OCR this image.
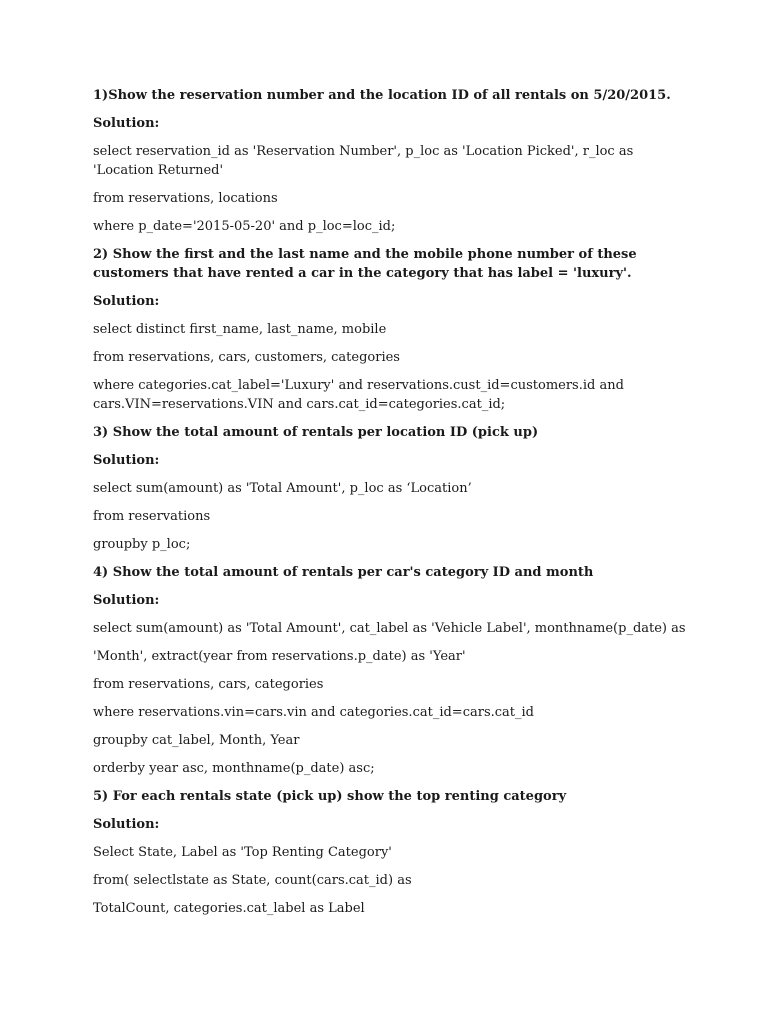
1)Show the reservation number and the location ID of all rentals on 5/20/2015.

Solution:

select reservation_id as 'Reservation Number', p_loc as 'Location Picked', r_loc as 'Location Returned'

from reservations, locations

where p_date='2015-05-20' and p_loc=loc_id;

2) Show the first and the last name and the mobile phone number of these customers that have rented a car in the category that has label = 'luxury'.

Solution:

select distinct first_name, last_name, mobile

from reservations, cars, customers, categories

where categories.cat_label='Luxury' and reservations.cust_id=customers.id and cars.VIN=reservations.VIN and cars.cat_id=categories.cat_id;

3) Show the total amount of rentals per location ID (pick up)

Solution:

select sum(amount) as 'Total Amount', p_loc as ‘Location’

from reservations

groupby p_loc;

4) Show the total amount of rentals per car's category ID and month

Solution:

select sum(amount) as 'Total Amount', cat_label as 'Vehicle Label', monthname(p_date) as

'Month', extract(year from reservations.p_date) as 'Year'

from reservations, cars, categories

where reservations.vin=cars.vin and categories.cat_id=cars.cat_id

groupby cat_label, Month, Year

orderby year asc, monthname(p_date) asc;

5) For each rentals state (pick up) show the top renting category

Solution:

Select State, Label as 'Top Renting Category'

from( selectlstate as State, count(cars.cat_id) as

TotalCount, categories.cat_label as Label
